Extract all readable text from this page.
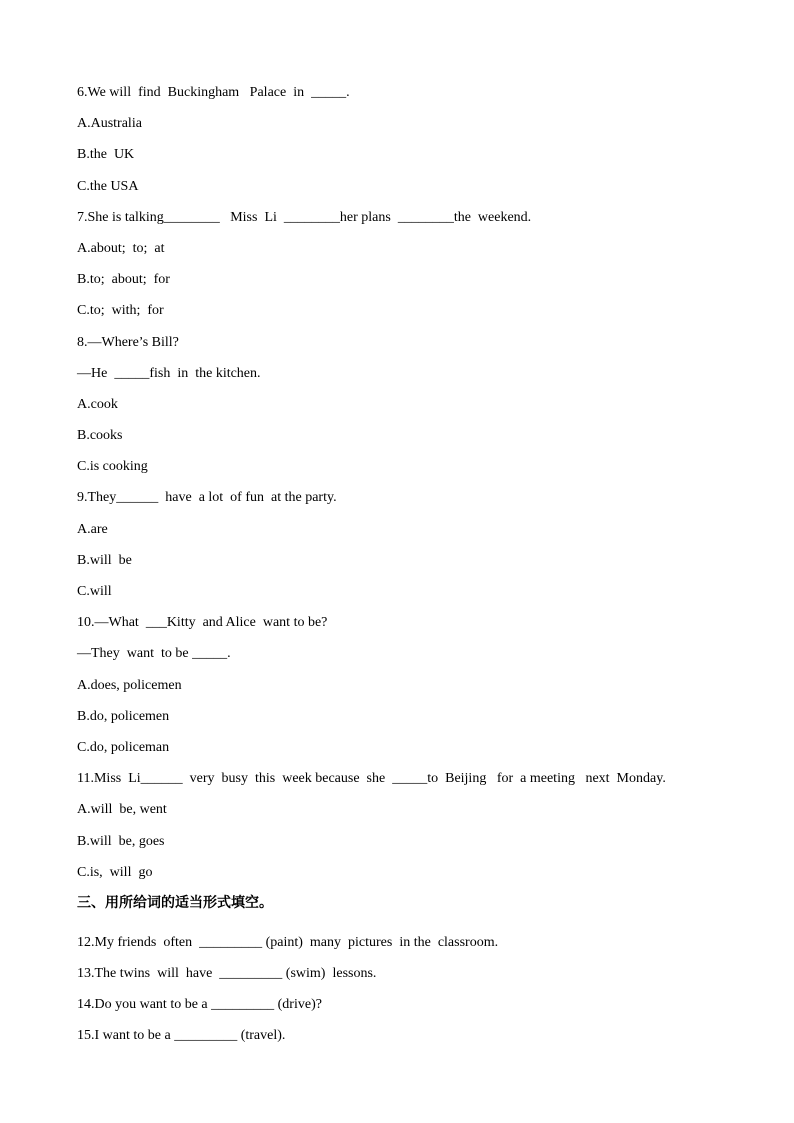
6.We will  find  Buckingham   Palace  in  _____.
A.Australia
B.the  UK
C.the USA
7.She is talking________   Miss  Li  ________her plans  ________the  weekend.
A.about;  to;  at
B.to;  about;  for
C.to;  with;  for
8.—Where’s Bill?
—He  _____fish  in  the kitchen.
A.cook
B.cooks
C.is cooking
9.They______  have  a lot  of fun  at the party.
A.are
B.will  be
C.will
10.—What  ___Kitty  and Alice  want to be?
—They  want  to be _____.
A.does, policemen
B.do, policemen
C.do, policeman
11.Miss  Li______  very  busy  this  week because  she  _____to  Beijing   for  a meeting   next  Monday.
A.will  be, went
B.will  be, goes
C.is,  will  go
三、用所给词的适当形式填空。
12.My friends  often  _________ (paint)  many  pictures  in the  classroom.
13.The twins  will  have  _________ (swim)  lessons.
14.Do you want to be a _________ (drive)?
15.I want to be a _________ (travel).
